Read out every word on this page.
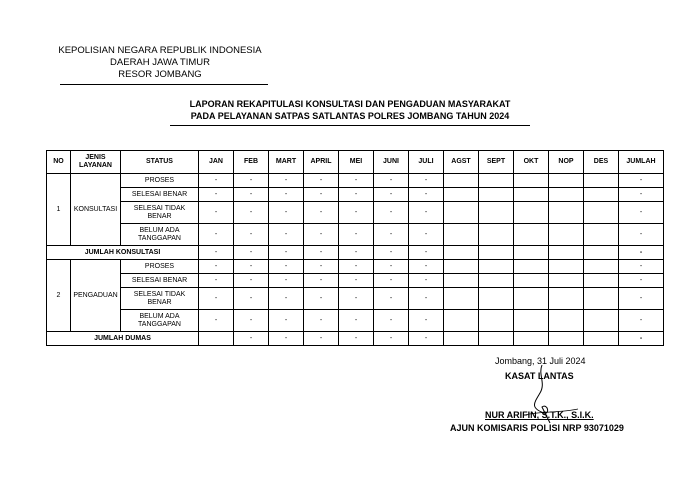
KEPOLISIAN NEGARA REPUBLIK INDONESIA
DAERAH JAWA TIMUR
RESOR JOMBANG
LAPORAN REKAPITULASI KONSULTASI DAN PENGADUAN MASYARAKAT
PADA PELAYANAN SATPAS SATLANTAS POLRES JOMBANG TAHUN 2024
NO	JENIS LAYANAN	STATUS	JAN	FEB	MART	APRIL	MEI	JUNI	JULI	AGST	SEPT	OKT	NOP	DES	JUMLAH
1	KONSULTASI	PROSES	-	-	-	-	-	-	-						-
		SELESAI BENAR	-	-	-	-	-	-	-						-
		SELESAI TIDAK BENAR	-	-	-	-	-	-	-						-
		BELUM ADA TANGGAPAN	-	-	-	-	-	-	-						-
JUMLAH KONSULTASI			-	-	-	-	-	-	-						-
2	PENGADUAN	PROSES	-	-	-	-	-	-	-						-
		SELESAI BENAR	-	-	-	-	-	-	-						-
		SELESAI TIDAK BENAR	-	-	-	-	-	-	-						-
		BELUM ADA TANGGAPAN	-	-	-	-	-	-	-						-
JUMLAH DUMAS				-	-	-	-	-	-						-
Jombang, 31 Juli 2024
KASAT LANTAS
NUR ARIFIN, S.T.K., S.I.K.
AJUN KOMISARIS POLISI NRP 93071029
